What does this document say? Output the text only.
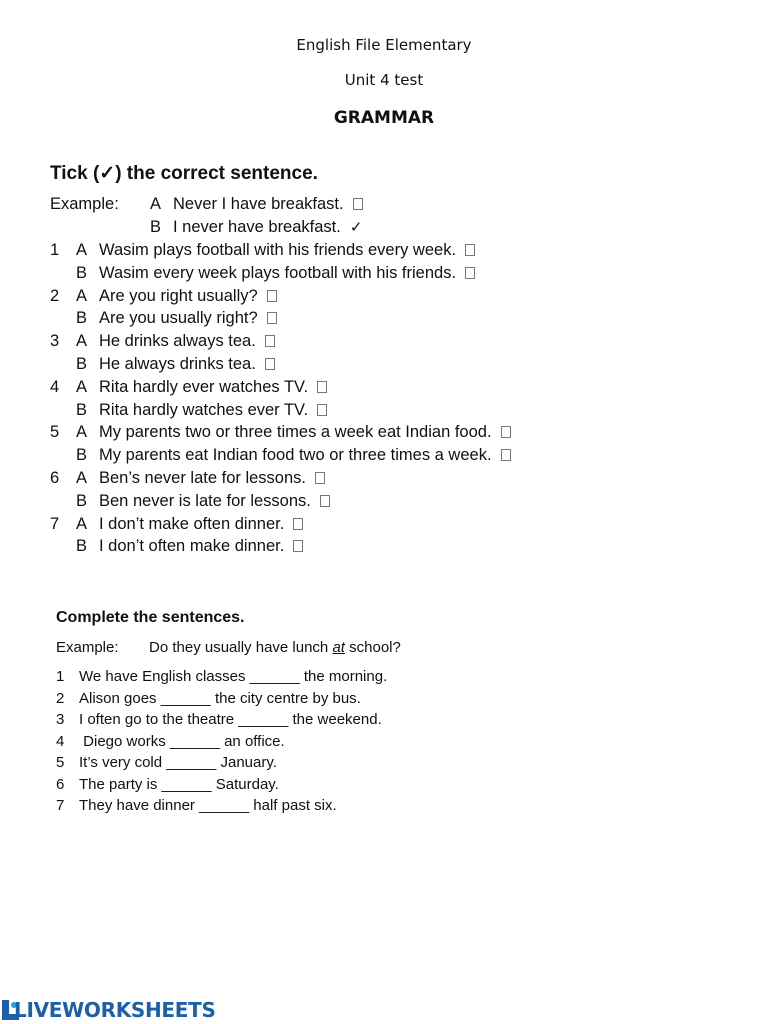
English File Elementary
Unit 4 test
GRAMMAR
Tick (✓) the correct sentence.
Example: A Never I have breakfast.
B I never have breakfast. ✓
1 A Wasim plays football with his friends every week.
B Wasim every week plays football with his friends.
2 A Are you right usually?
B Are you usually right?
3 A He drinks always tea.
B He always drinks tea.
4 A Rita hardly ever watches TV.
B Rita hardly watches ever TV.
5 A My parents two or three times a week eat Indian food.
B My parents eat Indian food two or three times a week.
6 A Ben’s never late for lessons.
B Ben never is late for lessons.
7 A I don’t make often dinner.
B I don’t often make dinner.
Complete the sentences.
Example: Do they usually have lunch at school?
1 We have English classes ______ the morning.
2 Alison goes ______ the city centre by bus.
3 I often go to the theatre ______ the weekend.
4 Diego works ______ an office.
5 It’s very cold ______ January.
6 The party is ______ Saturday.
7 They have dinner ______ half past six.
LIVEWORKSHEETS
